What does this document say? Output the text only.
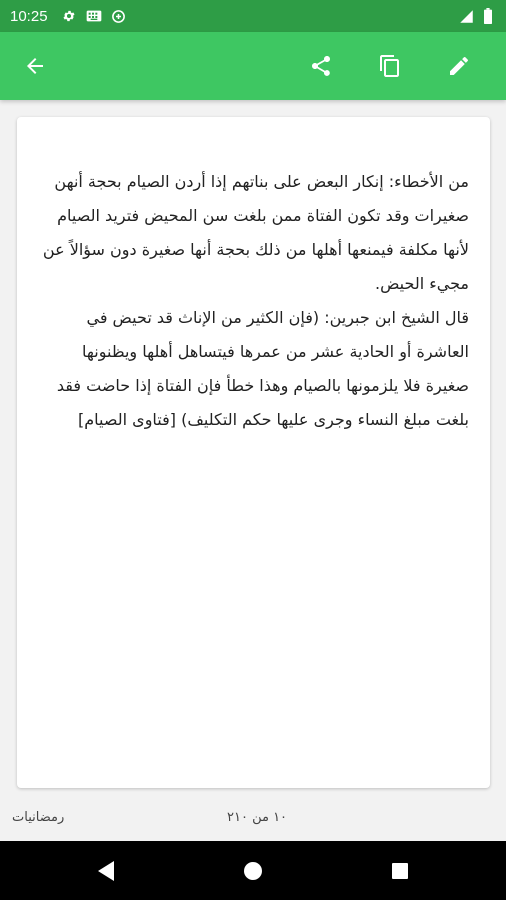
10:25

من الأخطاء: إنكار البعض على بناتهم إذا أردن الصيام بحجة أنهن صغيرات وقد تكون الفتاة ممن بلغت سن المحيض فتريد الصيام لأنها مكلفة فيمنعها أهلها من ذلك بحجة أنها صغيرة دون سؤالاً عن مجيء الحيض.

قال الشيخ ابن جبرين: (فإن الكثير من الإناث قد تحيض في العاشرة أو الحادية عشر من عمرها فيتساهل أهلها ويظنونها صغيرة فلا يلزمونها بالصيام وهذا خطأ فإن الفتاة إذا حاضت فقد بلغت مبلغ النساء وجرى عليها حكم التكليف) [فتاوى الصيام]

رمضانيات	١٠ من ٢١٠
